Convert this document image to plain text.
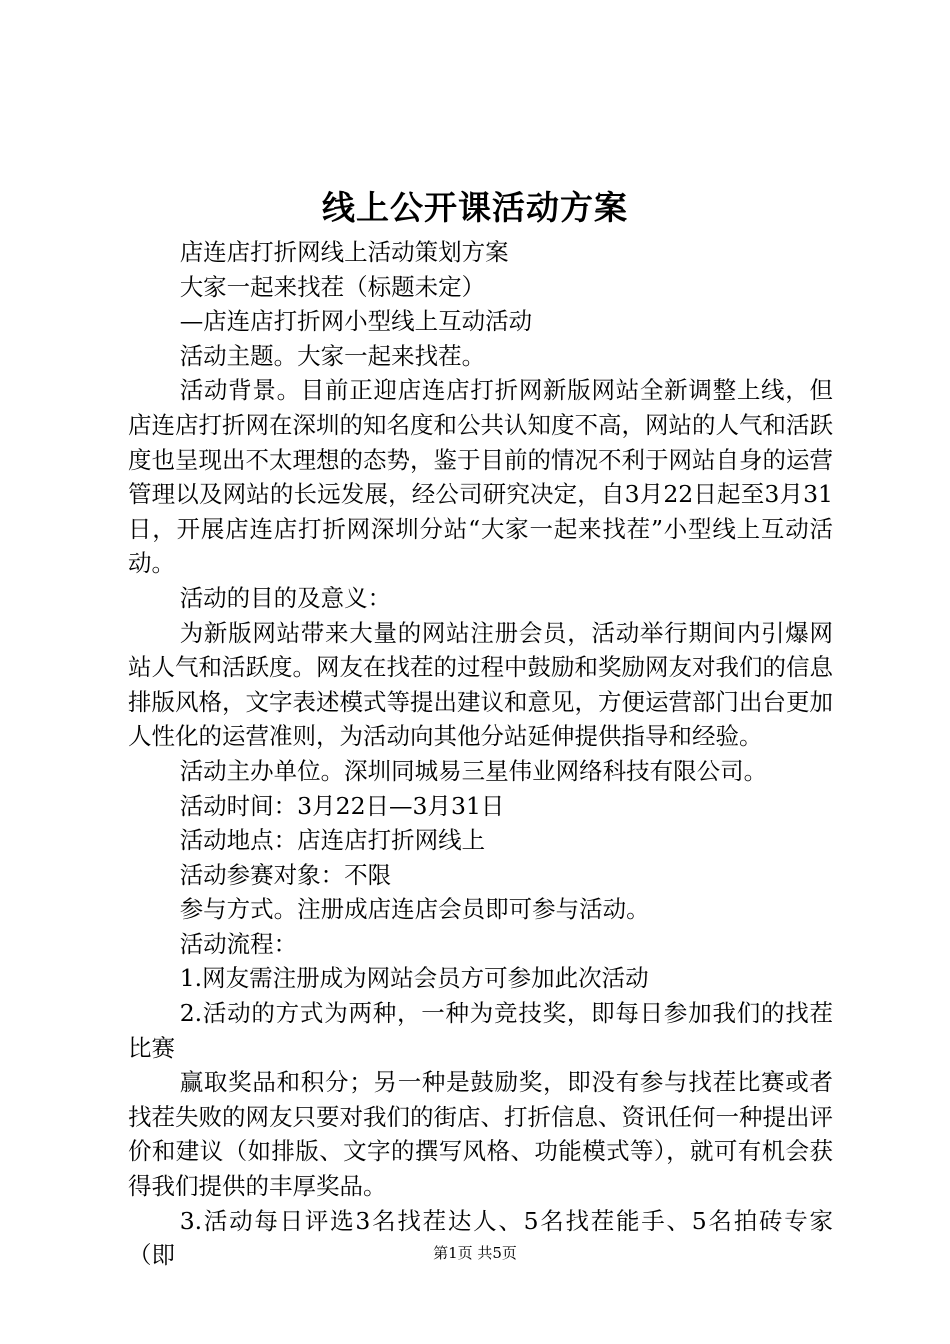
线上公开课活动方案

店连店打折网线上活动策划方案

大家一起来找茬（标题未定）

—店连店打折网小型线上互动活动

活动主题。大家一起来找茬。

活动背景。目前正迎店连店打折网新版网站全新调整上线，但店连店打折网在深圳的知名度和公共认知度不高，网站的人气和活跃度也呈现出不太理想的态势，鉴于目前的情况不利于网站自身的运营管理以及网站的长远发展，经公司研究决定，自3月22日起至3月31日，开展店连店打折网深圳分站“大家一起来找茬”小型线上互动活动。

活动的目的及意义：

为新版网站带来大量的网站注册会员，活动举行期间内引爆网站人气和活跃度。网友在找茬的过程中鼓励和奖励网友对我们的信息排版风格，文字表述模式等提出建议和意见，方便运营部门出台更加人性化的运营准则，为活动向其他分站延伸提供指导和经验。

活动主办单位。深圳同城易三星伟业网络科技有限公司。

活动时间：3月22日—3月31日

活动地点：店连店打折网线上

活动参赛对象：不限

参与方式。注册成店连店会员即可参与活动。

活动流程：

1.网友需注册成为网站会员方可参加此次活动

2.活动的方式为两种，一种为竞技奖，即每日参加我们的找茬比赛

赢取奖品和积分；另一种是鼓励奖，即没有参与找茬比赛或者找茬失败的网友只要对我们的街店、打折信息、资讯任何一种提出评价和建议（如排版、文字的撰写风格、功能模式等），就可有机会获得我们提供的丰厚奖品。

3.活动每日评选3名找茬达人、5名找茬能手、5名拍砖专家（即	第1页 共5页
